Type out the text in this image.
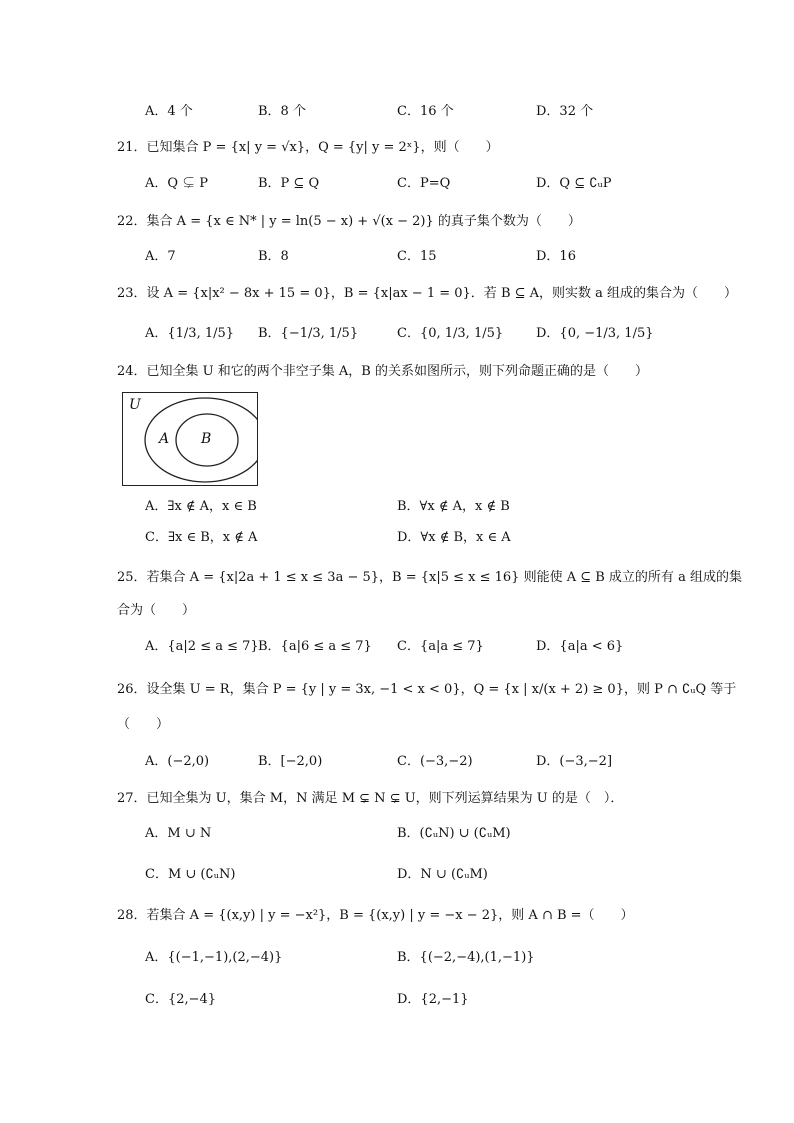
A．4 个	B．8 个	C．16 个	D．32 个
21．已知集合 P = {x| y = √x}，Q = {y| y = 2ˣ}，则（　　）
A．Q ⊊ P	B．P ⊆ Q	C．P=Q	D．Q ⊆ ∁ᵤP
22．集合 A = {x ∈ N* | y = ln(5 − x) + √(x − 2)} 的真子集个数为（　　）
A．7	B．8	C．15	D．16
23．设 A = {x|x² − 8x + 15 = 0}，B = {x|ax − 1 = 0}．若 B ⊆ A，则实数 a 组成的集合为（　　）
A．{1/3, 1/5} B．{−1/3, 1/5}	C．{0, 1/3, 1/5}	D．{0, −1/3, 1/5}
24．已知全集 U 和它的两个非空子集 A，B 的关系如图所示，则下列命题正确的是（　　）
U
A B
A．∃x ∉ A，x ∈ B	B．∀x ∉ A，x ∉ B
C．∃x ∈ B，x ∉ A	D．∀x ∉ B，x ∈ A
25．若集合 A = {x|2a + 1 ≤ x ≤ 3a − 5}，B = {x|5 ≤ x ≤ 16} 则能使 A ⊆ B 成立的所有 a 组成的集
合为（　　）
A．{a|2 ≤ a ≤ 7} B．{a|6 ≤ a ≤ 7} C．{a|a ≤ 7}	D．{a|a < 6}
26．设全集 U = R，集合 P = {y | y = 3x, −1 < x < 0}，Q = {x | x/(x + 2) ≥ 0}，则 P ∩ ∁ᵤQ 等于
（　　）
A．(−2,0)	B．[−2,0)	C．(−3,−2)	D．(−3,−2]
27．已知全集为 U，集合 M，N 满足 M ⊊ N ⊊ U，则下列运算结果为 U 的是（　）．
A．M ∪ N	B．(∁ᵤN) ∪ (∁ᵤM)
C．M ∪ (∁ᵤN)	D．N ∪ (∁ᵤM)
28．若集合 A = {(x,y) | y = −x²}，B = {(x,y) | y = −x − 2}，则 A ∩ B =（　　）
A．{(−1,−1),(2,−4)}	B．{(−2,−4),(1,−1)}
C．{2,−4}	D．{2,−1}
